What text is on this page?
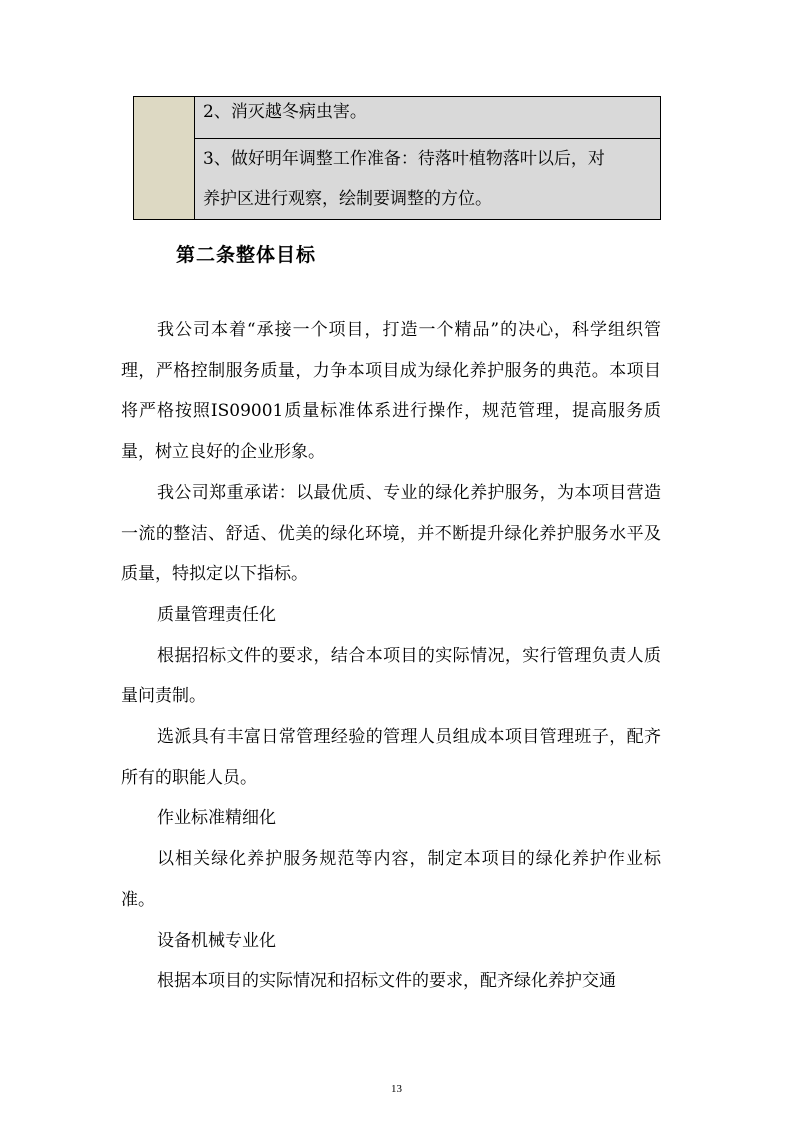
2、消灭越冬病虫害。
3、做好明年调整工作准备：待落叶植物落叶以后，对
养护区进行观察，绘制要调整的方位。
第二条整体目标

我公司本着“承接一个项目，打造一个精品”的决心，科学组织管理，严格控制服务质量，力争本项目成为绿化养护服务的典范。本项目将严格按照IS09001质量标准体系进行操作，规范管理，提高服务质量，树立良好的企业形象。

我公司郑重承诺：以最优质、专业的绿化养护服务，为本项目营造一流的整洁、舒适、优美的绿化环境，并不断提升绿化养护服务水平及质量，特拟定以下指标。

质量管理责任化

根据招标文件的要求，结合本项目的实际情况，实行管理负责人质量问责制。

选派具有丰富日常管理经验的管理人员组成本项目管理班子，配齐所有的职能人员。

作业标准精细化

以相关绿化养护服务规范等内容，制定本项目的绿化养护作业标准。

设备机械专业化

根据本项目的实际情况和招标文件的要求，配齐绿化养护交通

13
